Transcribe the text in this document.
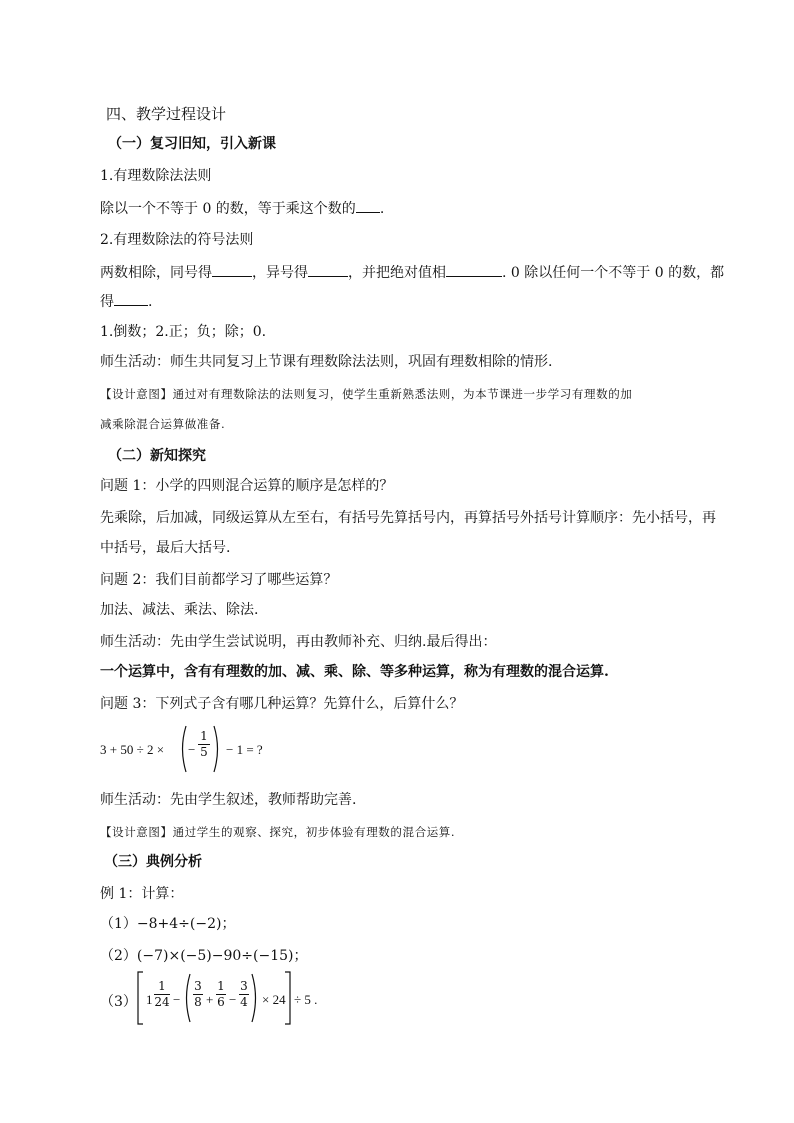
四、教学过程设计
（一）复习旧知，引入新课
1.有理数除法法则
除以一个不等于 0 的数，等于乘这个数的 .
2.有理数除法的符号法则
两数相除，同号得	，异号得	，并把绝对值相	. 0 除以任何一个不等于 0 的数，都
得 .
1.倒数；2.正；负；除；0.
师生活动：师生共同复习上节课有理数除法法则，巩固有理数相除的情形.
【设计意图】通过对有理数除法的法则复习，使学生重新熟悉法则，为本节课进一步学习有理数的加
减乘除混合运算做准备.
（二）新知探究
问题 1：小学的四则混合运算的顺序是怎样的？
先乘除，后加减，同级运算从左至右，有括号先算括号内，再算括号外括号计算顺序：先小括号，再
中括号，最后大括号.
问题 2：我们目前都学习了哪些运算？
加法、减法、乘法、除法.
师生活动：先由学生尝试说明，再由教师补充、归纳.最后得出：
一个运算中，含有有理数的加、减、乘、除、等多种运算，称为有理数的混合运算.
问题 3：下列式子含有哪几种运算？先算什么，后算什么？
3 + 50 ÷ 2 × −
1
5 − 1 = ?
师生活动：先由学生叙述，教师帮助完善.
【设计意图】通过学生的观察、探究，初步体验有理数的混合运算.
（三）典例分析
例 1：计算：
（1）−8+4÷(−2)；
（2）(−7)×(−5)−90÷(−15)；
（3） 1
1
24 −
3
8 +
1
6 −
3
4 × 24 ÷ 5 .
